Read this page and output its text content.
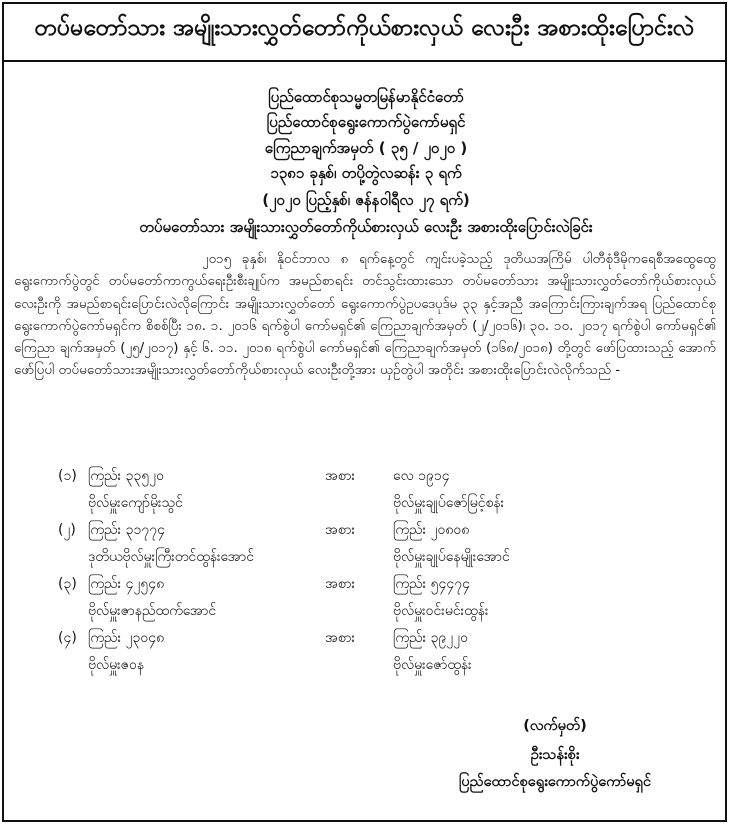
တပ်မတော်သား အမျိုးသားလွှတ်တော်ကိုယ်စားလှယ် လေးဦး အစားထိုးပြောင်းလဲ
ပြည်ထောင်စုသမ္မတမြန်မာနိုင်ငံတော်
ပြည်ထောင်စုရွေးကောက်ပွဲကော်မရှင်
ကြေညာချက်အမှတ် ( ၃၅ / ၂၀၂၀ )
၁၃၈၁ ခုနှစ်၊ တပို့တွဲလဆန်း ၃ ရက်
(၂၀၂၀ ပြည့်နှစ်၊ ဇန်နဝါရီလ ၂၇ ရက်)
တပ်မတော်သား အမျိုးသားလွှတ်တော်ကိုယ်စားလှယ် လေးဦး အစားထိုးပြောင်းလဲခြင်း
၂၀၁၅ ခုနှစ်၊ နိုဝင်ဘာလ ၈ ရက်နေ့တွင် ကျင်းပခဲ့သည့် ဒုတိယအကြိမ် ပါတီစုံဒီမိုကရေစီအထွေထွေ ရွေးကောက်ပွဲတွင် တပ်မတော်ကာကွယ်ရေးဦးစီးချုပ်က အမည်စာရင်း တင်သွင်းထားသော တပ်မတော်သား အမျိုးသားလွှတ်တော်ကိုယ်စားလှယ် လေးဦးကို အမည်စာရင်းပြောင်းလဲလိုကြောင်း အမျိုးသားလွှတ်တော် ရွေးကောက်ပွဲဥပဒေပုဒ်မ ၃၃ နှင့်အညီ အကြောင်းကြားချက်အရ ပြည်ထောင်စုရွေးကောက်ပွဲကော်မရှင်က စိစစ်ပြီး ၁၈. ၁. ၂၀၁၆ ရက်စွဲပါ ကော်မရှင်၏ ကြေညာချက်အမှတ် (၂/၂၀၁၆)၊ ၃၀. ၁၀. ၂၀၁၇ ရက်စွဲပါ ကော်မရှင်၏ ကြေညာ ချက်အမှတ် (၂၅/၂၀၁၇) နှင့် ၆. ၁၁. ၂၀၁၈ ရက်စွဲပါ ကော်မရှင်၏ ကြေညာချက်အမှတ် (၁၆၈/၂၀၁၈) တို့တွင် ဖော်ပြထားသည့် အောက်ဖော်ပြပါ တပ်မတော်သားအမျိုးသားလွှတ်တော်ကိုယ်စားလှယ် လေးဦးတို့အား ယှဉ်တွဲပါ အတိုင်း အစားထိုးပြောင်းလဲလိုက်သည် -
(၁) ကြည်း ၃၃၅၂၀
ဗိုလ်မှူးကျော်မိုးသွင်
အစား	လေ ၁၉၁၄
ဗိုလ်မှူးချုပ်ဇော်မြင့်စန်း
(၂) ကြည်း ၃၁၇၇၄
ဒုတိယဗိုလ်မှူးကြီးတင်ထွန်းအောင်
အစား	ကြည်း ၂၀၈၀၈
ဗိုလ်မှူးချုပ်နေမျိုးအောင်
(၃) ကြည်း ၄၂၅၄၈
ဗိုလ်မှူးဇာနည်ထက်အောင်
အစား	ကြည်း ၅၄၄၇၄
ဗိုလ်မှူးဝင်းမင်းထွန်း
(၄) ကြည်း ၂၃၀၄၈
ဗိုလ်မှူးဇဝန
အစား	ကြည်း ၃၉၂၂၀
ဗိုလ်မှူးဇော်ထွန်း
(လက်မှတ်)
ဦးသန်းစိုး
ပြည်ထောင်စုရွေးကောက်ပွဲကော်မရှင်
